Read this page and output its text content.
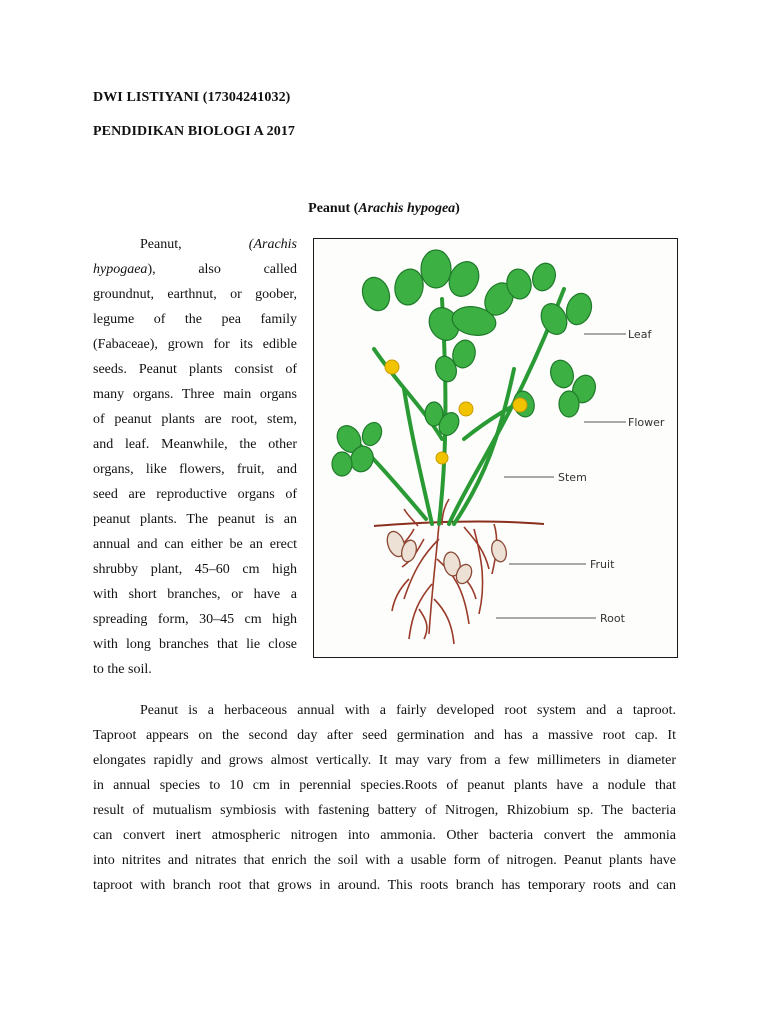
DWI LISTIYANI (17304241032)
PENDIDIKAN BIOLOGI A 2017
Peanut (Arachis hypogea)
Peanut,	(Arachis
hypogaea),	also	called
groundnut, earthnut, or goober,
legume of the pea family
(Fabaceae), grown for its edible
seeds. Peanut plants consist of
many organs. Three main organs
of peanut plants are root, stem,
and leaf. Meanwhile, the other
organs, like flowers, fruit, and
seed are reproductive organs of
peanut plants. The peanut is an
annual and can either be an erect
shrubby plant, 45–60 cm high
with short branches, or have a
spreading form, 30–45 cm high
with long branches that lie close
to the soil.
Leaf
Flower
Stem
Fruit
Root
Peanut is a herbaceous annual with a fairly developed root system and a taproot.
Taproot appears on the second day after seed germination and has a massive root cap. It
elongates rapidly and grows almost vertically. It may vary from a few millimeters in diameter
in annual species to 10 cm in perennial species.Roots of peanut plants have a nodule that
result of mutualism symbiosis with fastening battery of Nitrogen, Rhizobium sp. The bacteria
can convert inert atmospheric nitrogen into ammonia. Other bacteria convert the ammonia
into nitrites and nitrates that enrich the soil with a usable form of nitrogen. Peanut plants have
taproot with branch root that grows in around. This roots branch has temporary roots and can
